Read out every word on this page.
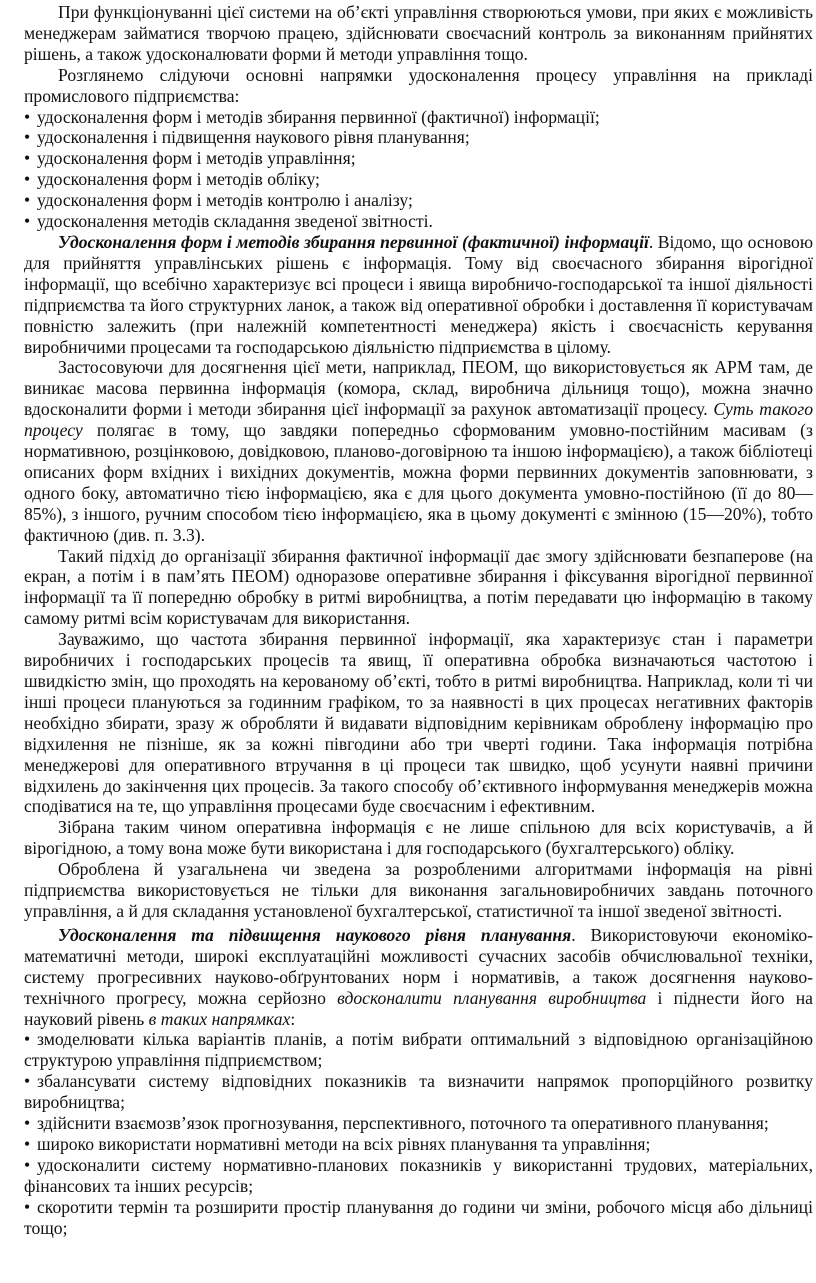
При функціонуванні цієї системи на об’єкті управління створюються умови, при яких є можливість менеджерам займатися творчою працею, здійснювати своєчасний контроль за виконанням прийнятих рішень, а також удосконалювати форми й методи управління тощо.

Розглянемо слідуючи основні напрямки удосконалення процесу управління на прикладі промислового підприємства:

• удосконалення форм і методів збирання первинної (фактичної) інформації;

• удосконалення і підвищення наукового рівня планування;

• удосконалення форм і методів управління;

• удосконалення форм і методів обліку;

• удосконалення форм і методів контролю і аналізу;

• удосконалення методів складання зведеної звітності.

Удосконалення форм і методів збирання первинної (фактичної) інформації. Відомо, що основою для прийняття управлінських рішень є інформація. Тому від своєчасного збирання вірогідної інформації, що всебічно характеризує всі процеси і явища виробничо-господарської та іншої діяльності підприємства та його структурних ланок, а також від оперативної обробки і доставлення її користувачам повністю залежить (при належній компетентності менеджера) якість і своєчасність керування виробничими процесами та господарською діяльністю підприємства в цілому.

Застосовуючи для досягнення цієї мети, наприклад, ПЕОМ, що використовується як АРМ там, де виникає масова первинна інформація (комора, склад, виробнича дільниця тощо), можна значно вдосконалити форми і методи збирання цієї інформації за рахунок автоматизації процесу. Суть такого процесу полягає в тому, що завдяки попередньо сформованим умовно-постійним масивам (з нормативною, розцінковою, довідковою, планово-договірною та іншою інформацією), а також бібліотеці описаних форм вхідних і вихідних документів, можна форми первинних документів заповнювати, з одного боку, автоматично тією інформацією, яка є для цього документа умовно-постійною (її до 80—85%), з іншого, ручним способом тією інформацією, яка в цьому документі є змінною (15—20%), тобто фактичною (див. п. 3.3).

Такий підхід до організації збирання фактичної інформації дає змогу здійснювати безпаперове (на екран, а потім і в пам’ять ПЕОМ) одноразове оперативне збирання і фіксування вірогідної первинної інформації та її попередню обробку в ритмі виробництва, а потім передавати цю інформацію в такому самому ритмі всім користувачам для використання.

Зауважимо, що частота збирання первинної інформації, яка характеризує стан і параметри виробничих і господарських процесів та явищ, її оперативна обробка визначаються частотою і швидкістю змін, що проходять на керованому об’єкті, тобто в ритмі виробництва. Наприклад, коли ті чи інші процеси плануються за годинним графіком, то за наявності в цих процесах негативних факторів необхідно збирати, зразу ж обробляти й видавати відповідним керівникам оброблену інформацію про відхилення не пізніше, як за кожні півгодини або три чверті години. Така інформація потрібна менеджерові для оперативного втручання в ці процеси так швидко, щоб усунути наявні причини відхилень до закінчення цих процесів. За такого способу об’єктивного інформування менеджерів можна сподіватися на те, що управління процесами буде своєчасним і ефективним.

Зібрана таким чином оперативна інформація є не лише спільною для всіх користувачів, а й вірогідною, а тому вона може бути використана і для господарського (бухгалтерського) обліку.

Оброблена й узагальнена чи зведена за розробленими алгоритмами інформація на рівні підприємства використовується не тільки для виконання загальновиробничих завдань поточного управління, а й для складання установленої бухгалтерської, статистичної та іншої зведеної звітності.

Удосконалення та підвищення наукового рівня планування. Використовуючи економіко-математичні методи, широкі експлуатаційні можливості сучасних засобів обчислювальної техніки, систему прогресивних науково-обґрунтованих норм і нормативів, а також досягнення науково-технічного прогресу, можна серйозно вдосконалити планування виробництва і піднести його на науковий рівень в таких напрямках:

• змоделювати кілька варіантів планів, а потім вибрати оптимальний з відповідною організаційною структурою управління підприємством;

• збалансувати систему відповідних показників та визначити напрямок пропорційного розвитку виробництва;

• здійснити взаємозв’язок прогнозування, перспективного, поточного та оперативного планування;

• широко використати нормативні методи на всіх рівнях планування та управління;

• удосконалити систему нормативно-планових показників у використанні трудових, матеріальних, фінансових та інших ресурсів;

• скоротити термін та розширити простір планування до години чи зміни, робочого місця або дільниці тощо;
